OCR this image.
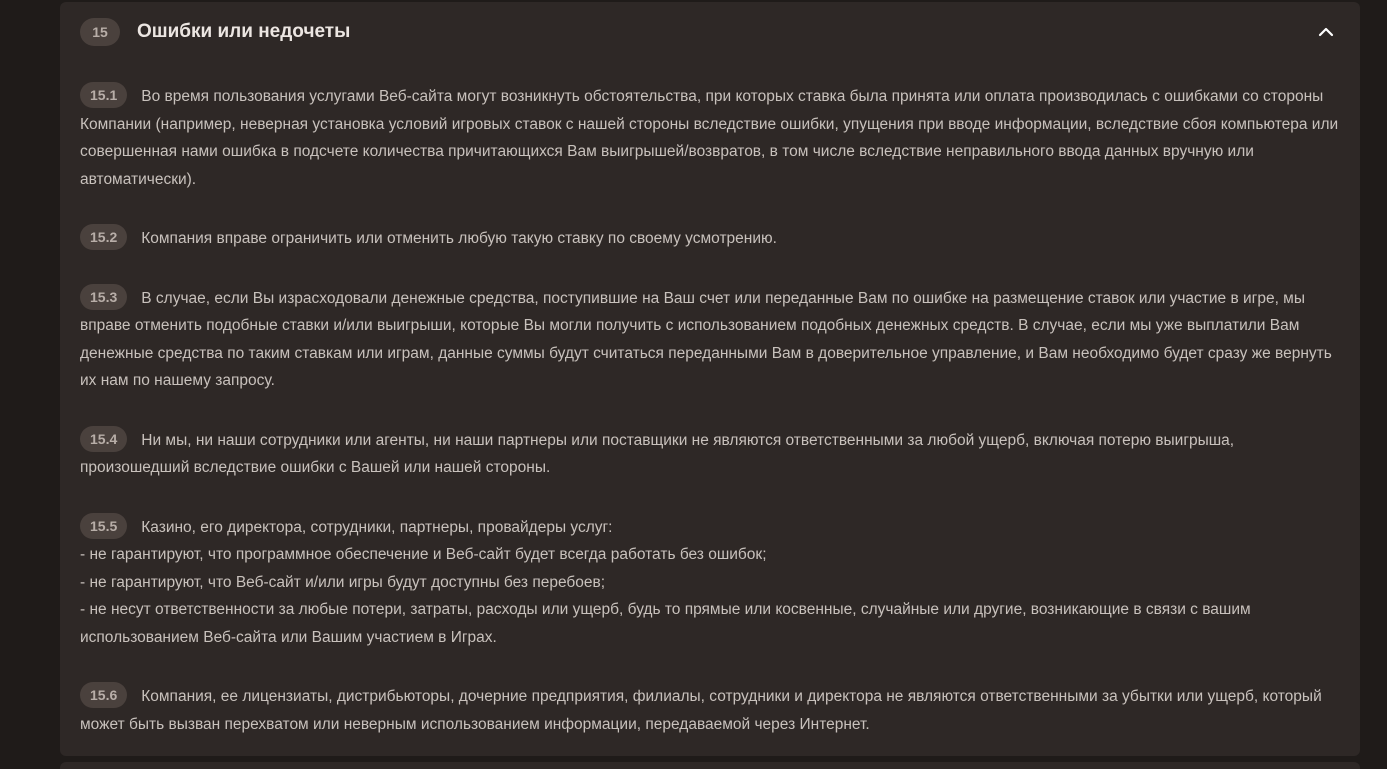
15	Ошибки или недочеты
15.1 Во время пользования услугами Веб-сайта могут возникнуть обстоятельства, при которых ставка была принята или оплата производилась с ошибками со стороны Компании (например, неверная установка условий игровых ставок с нашей стороны вследствие ошибки, упущения при вводе информации, вследствие сбоя компьютера или совершенная нами ошибка в подсчете количества причитающихся Вам выигрышей/возвратов, в том числе вследствие неправильного ввода данных вручную или автоматически).
15.2 Компания вправе ограничить или отменить любую такую ставку по своему усмотрению.
15.3 В случае, если Вы израсходовали денежные средства, поступившие на Ваш счет или переданные Вам по ошибке на размещение ставок или участие в игре, мы вправе отменить подобные ставки и/или выигрыши, которые Вы могли получить с использованием подобных денежных средств. В случае, если мы уже выплатили Вам денежные средства по таким ставкам или играм, данные суммы будут считаться переданными Вам в доверительное управление, и Вам необходимо будет сразу же вернуть их нам по нашему запросу.
15.4 Ни мы, ни наши сотрудники или агенты, ни наши партнеры или поставщики не являются ответственными за любой ущерб, включая потерю выигрыша, произошедший вследствие ошибки с Вашей или нашей стороны.
15.5 Казино, его директора, сотрудники, партнеры, провайдеры услуг:
- не гарантируют, что программное обеспечение и Веб-сайт будет всегда работать без ошибок;
- не гарантируют, что Веб-сайт и/или игры будут доступны без перебоев;
- не несут ответственности за любые потери, затраты, расходы или ущерб, будь то прямые или косвенные, случайные или другие, возникающие в связи с вашим использованием Веб-сайта или Вашим участием в Играх.
15.6 Компания, ее лицензиаты, дистрибьюторы, дочерние предприятия, филиалы, сотрудники и директора не являются ответственными за убытки или ущерб, который может быть вызван перехватом или неверным использованием информации, передаваемой через Интернет.
